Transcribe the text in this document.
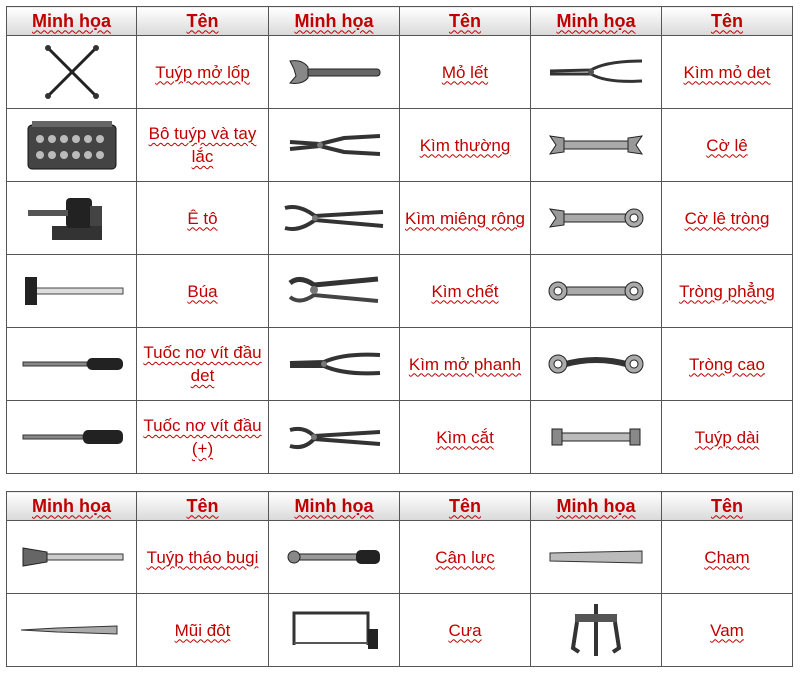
Minh họa	Tên	Minh họa	Tên	Minh họa	Tên

	Tuýp mở lốp		Mỏ lết		Kìm mỏ det

	Bô tuýp và tay lắc		Kìm thường		Cờ lê

	Ê tô		Kìm miêng rông		Cờ lê tròng

	Búa		Kìm chết		Tròng phẳng

	Tuốc nơ vít đầu det		Kìm mở phanh		Tròng cao

	Tuốc nơ vít đầu (+)		Kìm cắt		Tuýp dài
Minh họa	Tên	Minh họa	Tên	Minh họa	Tên

	Tuýp tháo bugi		Cân lưc		Cham

	Mũi đôt		Cưa		Vam
